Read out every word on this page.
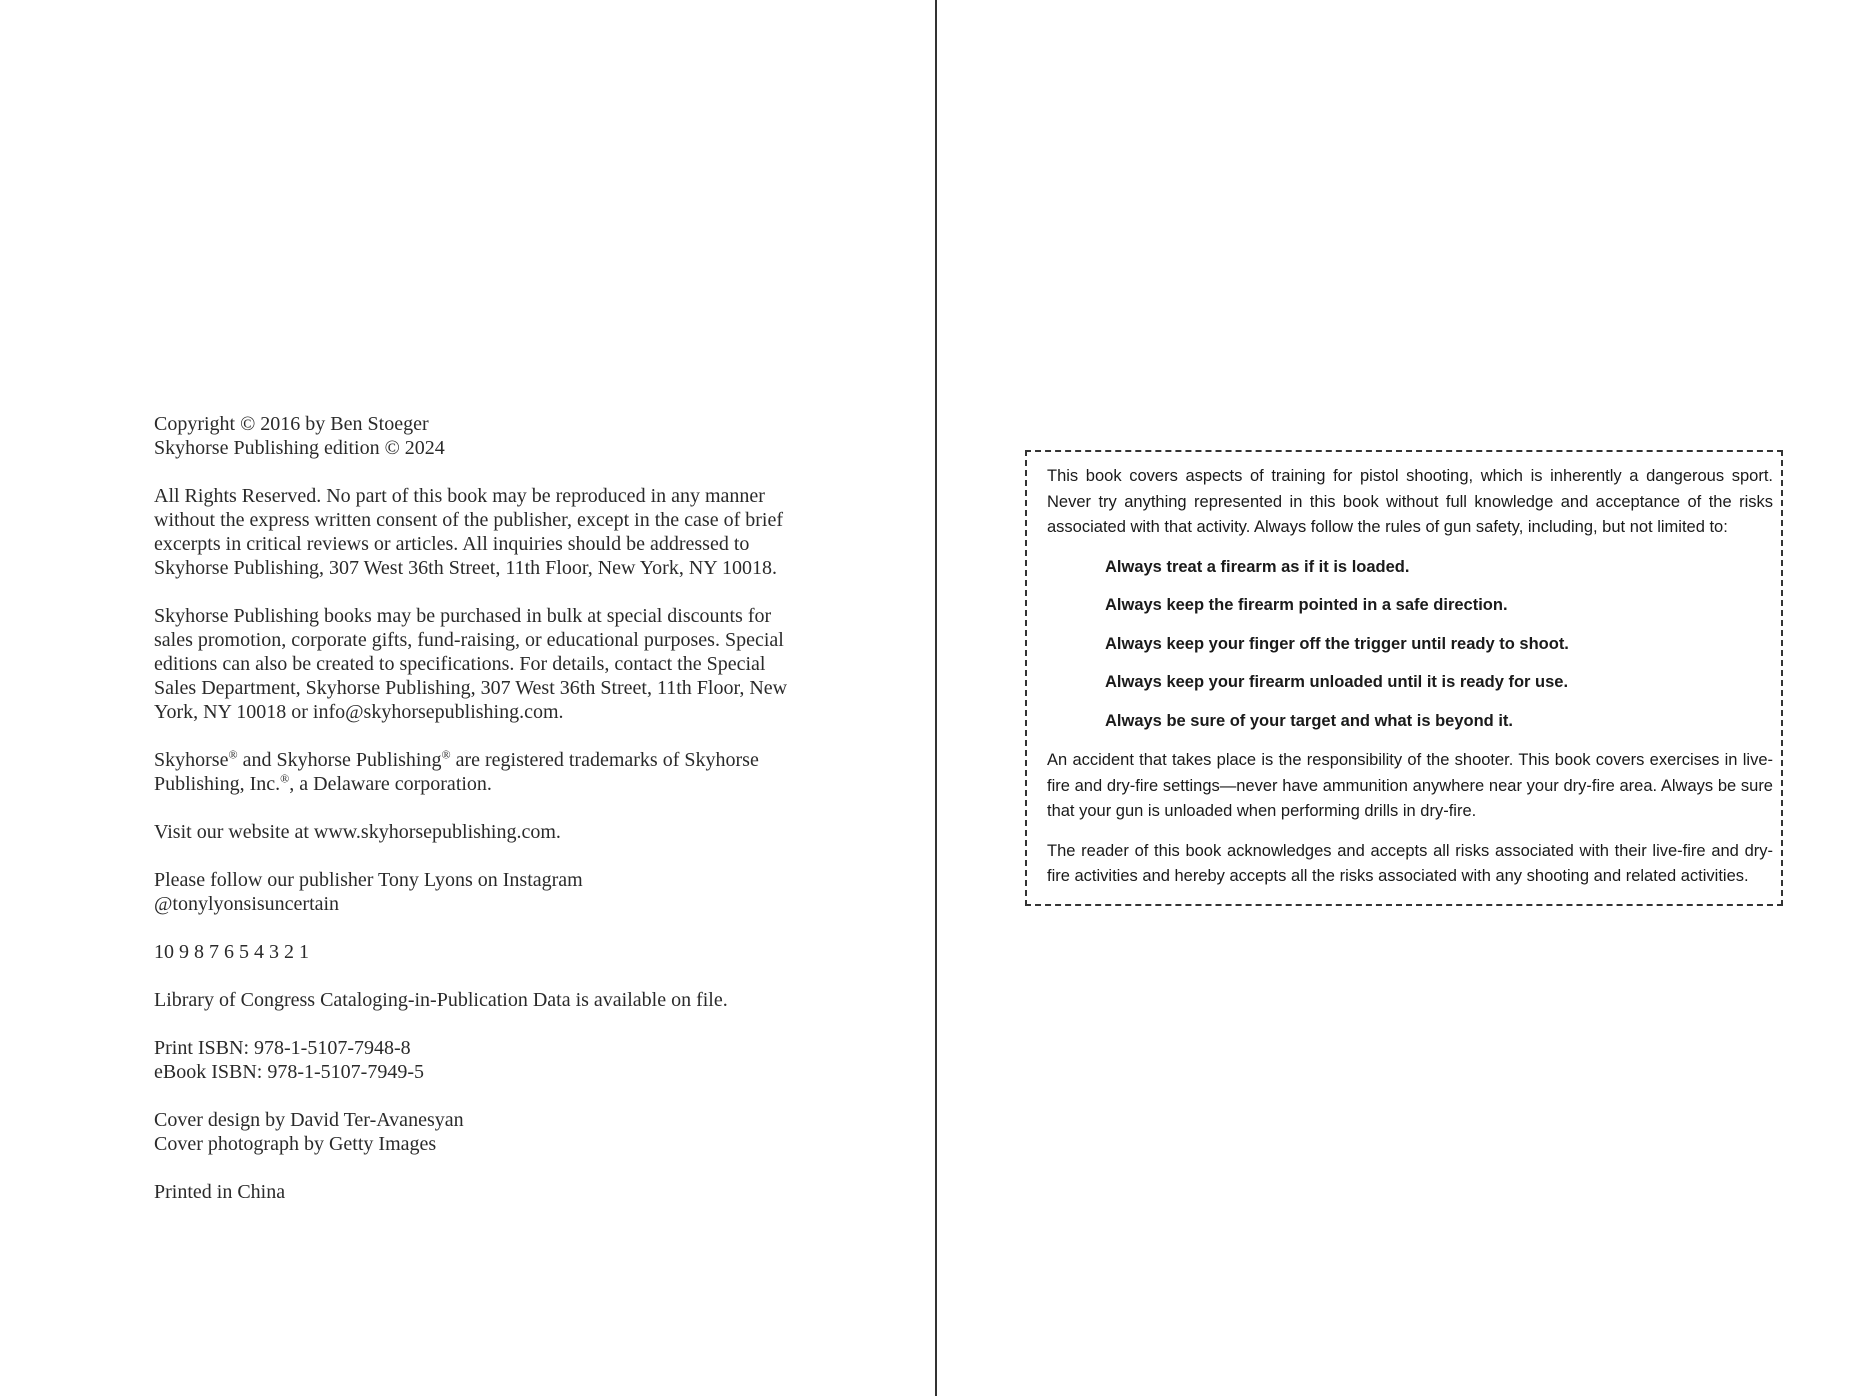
Copyright © 2016 by Ben Stoeger
Skyhorse Publishing edition © 2024

All Rights Reserved. No part of this book may be reproduced in any manner without the express written consent of the publisher, except in the case of brief excerpts in critical reviews or articles. All inquiries should be addressed to Skyhorse Publishing, 307 West 36th Street, 11th Floor, New York, NY 10018.

Skyhorse Publishing books may be purchased in bulk at special discounts for sales promotion, corporate gifts, fund-raising, or educational purposes. Special editions can also be created to specifications. For details, contact the Special Sales Department, Skyhorse Publishing, 307 West 36th Street, 11th Floor, New York, NY 10018 or info@skyhorsepublishing.com.

Skyhorse® and Skyhorse Publishing® are registered trademarks of Skyhorse Publishing, Inc.®, a Delaware corporation.

Visit our website at www.skyhorsepublishing.com.

Please follow our publisher Tony Lyons on Instagram
@tonylyonsisuncertain

10 9 8 7 6 5 4 3 2 1

Library of Congress Cataloging-in-Publication Data is available on file.

Print ISBN: 978-1-5107-7948-8
eBook ISBN: 978-1-5107-7949-5

Cover design by David Ter-Avanesyan
Cover photograph by Getty Images

Printed in China

This book covers aspects of training for pistol shooting, which is inherently a dangerous sport. Never try anything represented in this book without full knowledge and acceptance of the risks associated with that activity. Always follow the rules of gun safety, including, but not limited to:

Always treat a firearm as if it is loaded.
Always keep the firearm pointed in a safe direction.
Always keep your finger off the trigger until ready to shoot.
Always keep your firearm unloaded until it is ready for use.
Always be sure of your target and what is beyond it.

An accident that takes place is the responsibility of the shooter. This book covers exercises in live-fire and dry-fire settings—never have ammunition anywhere near your dry-fire area. Always be sure that your gun is unloaded when performing drills in dry-fire.

The reader of this book acknowledges and accepts all risks associated with their live-fire and dry-fire activities and hereby accepts all the risks associated with any shooting and related activities.
